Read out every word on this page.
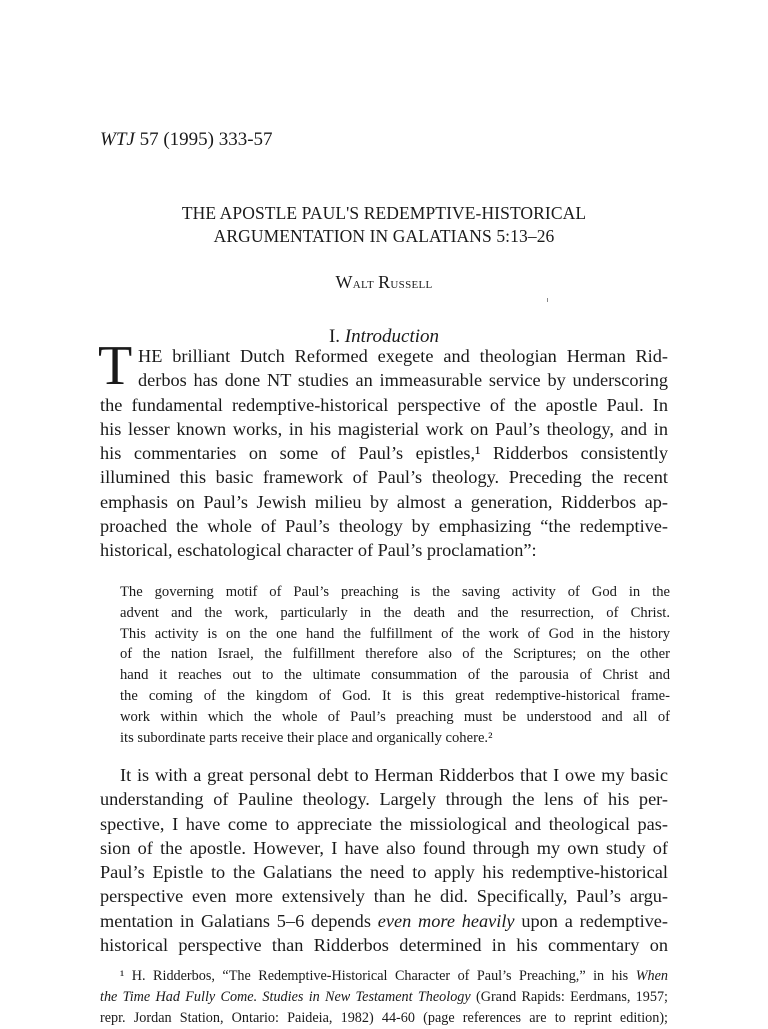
WTJ 57 (1995) 333-57
THE APOSTLE PAUL'S REDEMPTIVE-HISTORICAL
ARGUMENTATION IN GALATIANS 5:13–26
Walt Russell
I. Introduction
T HE brilliant Dutch Reformed exegete and theologian Herman Rid-
derbos has done NT studies an immeasurable service by underscoring
the fundamental redemptive-historical perspective of the apostle Paul. In
his lesser known works, in his magisterial work on Paul’s theology, and in
his commentaries on some of Paul’s epistles,¹ Ridderbos consistently
illumined this basic framework of Paul’s theology. Preceding the recent
emphasis on Paul’s Jewish milieu by almost a generation, Ridderbos ap-
proached the whole of Paul’s theology by emphasizing “the redemptive-
historical, eschatological character of Paul’s proclamation”:
The governing motif of Paul’s preaching is the saving activity of God in the
advent and the work, particularly in the death and the resurrection, of Christ.
This activity is on the one hand the fulfillment of the work of God in the history
of the nation Israel, the fulfillment therefore also of the Scriptures; on the other
hand it reaches out to the ultimate consummation of the parousia of Christ and
the coming of the kingdom of God. It is this great redemptive-historical frame-
work within which the whole of Paul’s preaching must be understood and all of
its subordinate parts receive their place and organically cohere.²
It is with a great personal debt to Herman Ridderbos that I owe my basic
understanding of Pauline theology. Largely through the lens of his per-
spective, I have come to appreciate the missiological and theological pas-
sion of the apostle. However, I have also found through my own study of
Paul’s Epistle to the Galatians the need to apply his redemptive-historical
perspective even more extensively than he did. Specifically, Paul’s argu-
mentation in Galatians 5–6 depends even more heavily upon a redemptive-
historical perspective than Ridderbos determined in his commentary on
¹ H. Ridderbos, “The Redemptive-Historical Character of Paul’s Preaching,” in his When
the Time Had Fully Come. Studies in New Testament Theology (Grand Rapids: Eerdmans, 1957;
repr. Jordan Station, Ontario: Paideia, 1982) 44-60 (page references are to reprint edition);
